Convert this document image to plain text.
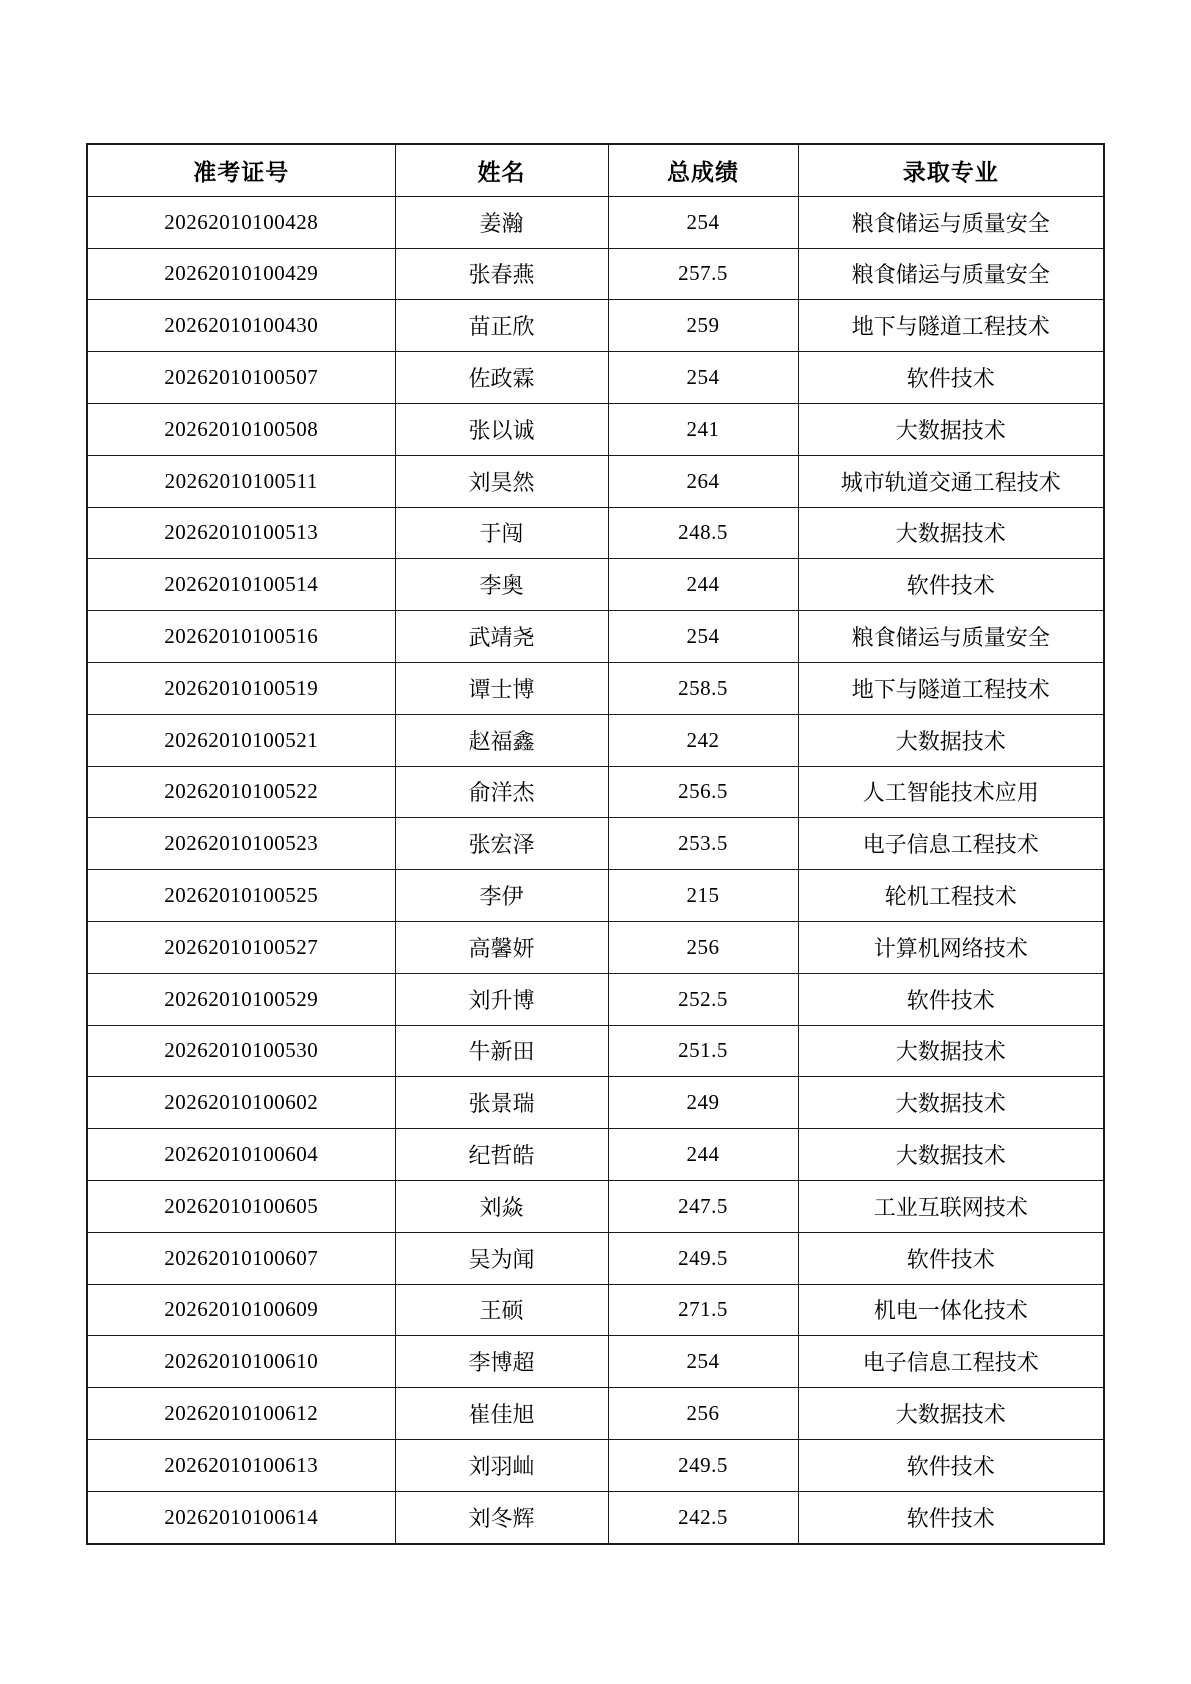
准考证号	姓名	总成绩	录取专业
20262010100428	姜瀚	254	粮食储运与质量安全
20262010100429	张春燕	257.5	粮食储运与质量安全
20262010100430	苗正欣	259	地下与隧道工程技术
20262010100507	佐政霖	254	软件技术
20262010100508	张以诚	241	大数据技术
20262010100511	刘昊然	264	城市轨道交通工程技术
20262010100513	于闯	248.5	大数据技术
20262010100514	李奥	244	软件技术
20262010100516	武靖尧	254	粮食储运与质量安全
20262010100519	谭士博	258.5	地下与隧道工程技术
20262010100521	赵福鑫	242	大数据技术
20262010100522	俞洋杰	256.5	人工智能技术应用
20262010100523	张宏泽	253.5	电子信息工程技术
20262010100525	李伊	215	轮机工程技术
20262010100527	高馨妍	256	计算机网络技术
20262010100529	刘升博	252.5	软件技术
20262010100530	牛新田	251.5	大数据技术
20262010100602	张景瑞	249	大数据技术
20262010100604	纪哲皓	244	大数据技术
20262010100605	刘焱	247.5	工业互联网技术
20262010100607	吴为闻	249.5	软件技术
20262010100609	王硕	271.5	机电一体化技术
20262010100610	李博超	254	电子信息工程技术
20262010100612	崔佳旭	256	大数据技术
20262010100613	刘羽屾	249.5	软件技术
20262010100614	刘冬辉	242.5	软件技术
